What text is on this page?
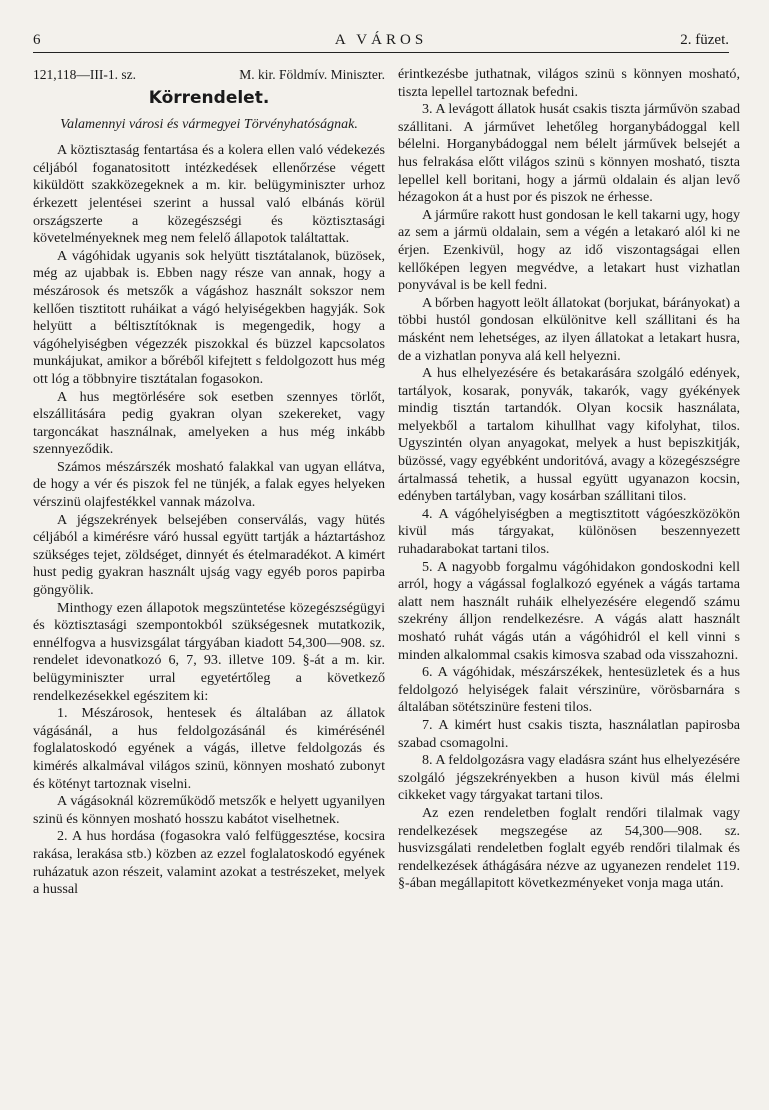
6	A VÁROS	2. füzet.
121,118—III-1. sz.	M. kir. Földmív. Miniszter.
Körrendelet.
Valamennyi városi és vármegyei Törvényhatóságnak.

A köztisztaság fentartása és a kolera ellen való védekezés céljából foganatositott intézkedések ellenőrzése végett kiküldött szakközegeknek a m. kir. belügyminiszter urhoz érkezett jelentései szerint a hussal való elbánás körül országszerte a közegészségi és köztisztasági követelményeknek meg nem felelő állapotok találtattak.

A vágóhidak ugyanis sok helyütt tisztátalanok, büzösek, még az ujabbak is. Ebben nagy része van annak, hogy a mészárosok és metszők a vágáshoz használt sokszor nem kellően tisztitott ruháikat a vágó helyiségekben hagyják. Sok helyütt a béltisztítóknak is megengedik, hogy a vágóhelyiségben végezzék piszokkal és büzzel kapcsolatos munkájukat, amikor a bőréből kifejtett s feldolgozott hus még ott lóg a többnyire tisztátalan fogasokon.

A hus megtörlésére sok esetben szennyes törlőt, elszállitására pedig gyakran olyan szekereket, vagy targoncákat használnak, amelyeken a hus még inkább szennyeződik.

Számos mészárszék mosható falakkal van ugyan ellátva, de hogy a vér és piszok fel ne tünjék, a falak egyes helyeken vérszinü olajfestékkel vannak mázolva.

A jégszekrények belsejében conserválás, vagy hütés céljából a kimérésre váró hussal együtt tartják a háztartáshoz szükséges tejet, zöldséget, dinnyét és ételmaradékot. A kimért hust pedig gyakran használt ujság vagy egyéb poros papirba göngyölik.

Minthogy ezen állapotok megszüntetése közegészségügyi és köztisztasági szempontokból szükségesnek mutatkozik, ennélfogva a husvizsgálat tárgyában kiadott 54,300—908. sz. rendelet idevonatkozó 6, 7, 93. illetve 109. §-át a m. kir. belügyminiszter urral egyetértőleg a következő rendelkezésekkel egészitem ki:

1. Mészárosok, hentesek és általában az állatok vágásánál, a hus feldolgozásánál és kimérésénél foglalatoskodó egyének a vágás, illetve feldolgozás és kimérés alkalmával világos szinü, könnyen mosható zubonyt és kötényt tartoznak viselni.

A vágásoknál közreműködő metszők e helyett ugyanilyen szinü és könnyen mosható hosszu kabátot viselhetnek.

2. A hus hordása (fogasokra való felfüggesztése, kocsira rakása, lerakása stb.) közben az ezzel foglalatoskodó egyének ruházatuk azon részeit, valamint azokat a testrészeket, melyek a hussal

érintkezésbe juthatnak, világos szinü s könnyen mosható, tiszta lepellel tartoznak befedni.

3. A levágott állatok husát csakis tiszta járművön szabad szállitani. A járművet lehetőleg horganybádoggal kell bélelni. Horganybádoggal nem bélelt járművek belsejét a hus felrakása előtt világos szinü s könnyen mosható, tiszta lepellel kell boritani, hogy a jármü oldalain és aljan levő hézagokon át a hust por és piszok ne érhesse.

A járműre rakott hust gondosan le kell takarni ugy, hogy az sem a jármü oldalain, sem a végén a letakaró alól ki ne érjen. Ezenkivül, hogy az idő viszontagságai ellen kellőképen legyen megvédve, a letakart hust vizhatlan ponyvával is be kell fedni.

A bőrben hagyott leölt állatokat (borjukat, bárányokat) a többi hustól gondosan elkülönitve kell szállitani és ha másként nem lehetséges, az ilyen állatokat a letakart husra, de a vizhatlan ponyva alá kell helyezni.

A hus elhelyezésére és betakarására szolgáló edények, tartályok, kosarak, ponyvák, takarók, vagy gyékények mindig tisztán tartandók. Olyan kocsik használata, melyekből a tartalom kihullhat vagy kifolyhat, tilos. Ugyszintén olyan anyagokat, melyek a hust bepiszkitják, büzössé, vagy egyébként undoritóvá, avagy a közegészségre ártalmassá tehetik, a hussal együtt ugyanazon kocsin, edényben tartályban, vagy kosárban szállitani tilos.

4. A vágóhelyiségben a megtisztitott vágóeszközökön kivül más tárgyakat, különösen beszennyezett ruhadarabokat tartani tilos.

5. A nagyobb forgalmu vágóhidakon gondoskodni kell arról, hogy a vágással foglalkozó egyének a vágás tartama alatt nem használt ruháik elhelyezésére elegendő számu szekrény álljon rendelkezésre. A vágás alatt használt mosható ruhát vágás után a vágóhidról el kell vinni s minden alkalommal csakis kimosva szabad oda visszahozni.

6. A vágóhidak, mészárszékek, hentesüzletek és a hus feldolgozó helyiségek falait vérszinüre, vörösbarnára s általában sötétszinüre festeni tilos.

7. A kimért hust csakis tiszta, használatlan papirosba szabad csomagolni.

8. A feldolgozásra vagy eladásra szánt hus elhelyezésére szolgáló jégszekrényekben a huson kivül más élelmi cikkeket vagy tárgyakat tartani tilos.

Az ezen rendeletben foglalt rendőri tilalmak vagy rendelkezések megszegése az 54,300—908. sz. husvizsgálati rendeletben foglalt egyéb rendőri tilalmak és rendelkezések áthágására nézve az ugyanezen rendelet 119. §-ában megállapitott következményeket vonja maga után.
